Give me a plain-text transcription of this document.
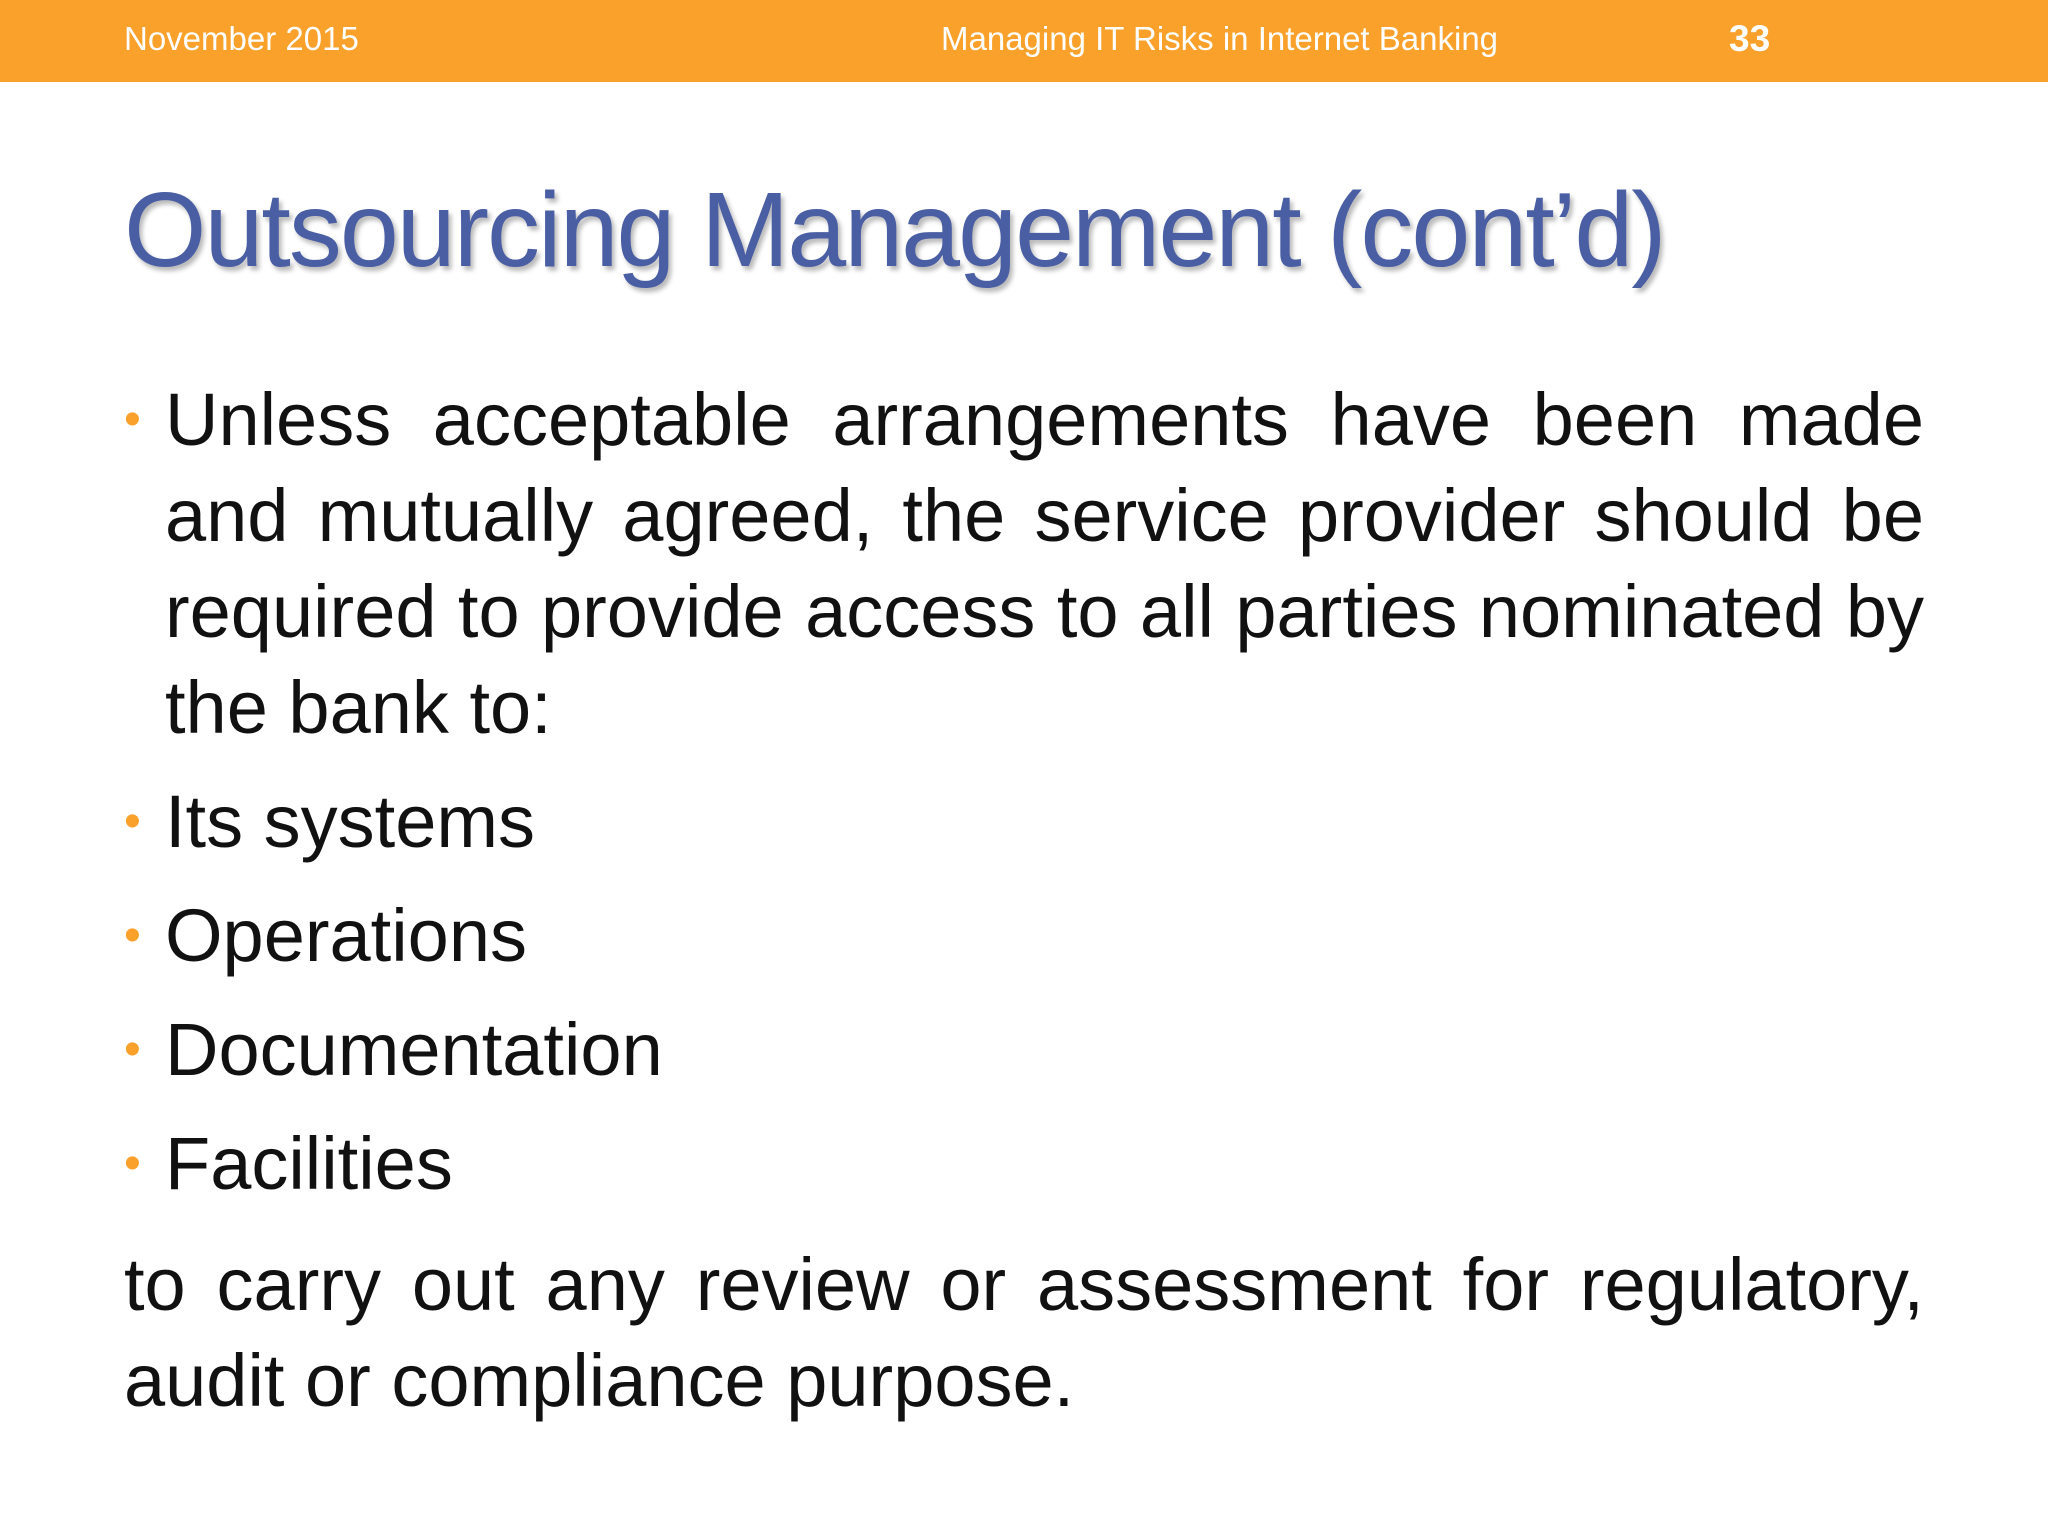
November 2015	Managing IT Risks in Internet Banking	33
Outsourcing Management (cont’d)
• Unless acceptable arrangements have been made and mutually agreed, the service provider should be required to provide access to all parties nominated by the bank to:
• Its systems
• Operations
• Documentation
• Facilities

to carry out any review or assessment for regulatory, audit or compliance purpose.
